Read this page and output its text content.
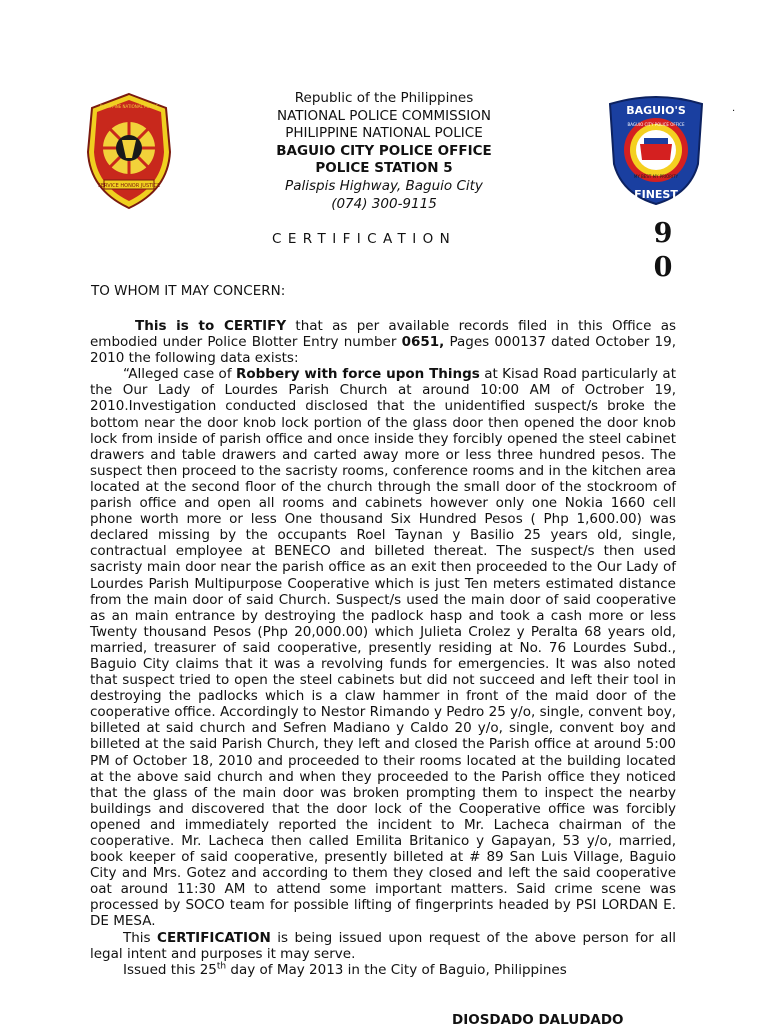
SERVICE HONOR JUSTICE
PHILIPPINE NATIONAL POLICE	BAGUIO'S
BAGUIO CITY POLICE OFFICE
MY BEST MY PRIORITY
FINEST
·
Republic of the Philippines
NATIONAL POLICE COMMISSION
PHILIPPINE NATIONAL POLICE
BAGUIO CITY POLICE OFFICE
POLICE STATION 5
Palispis Highway, Baguio City
(074) 300-9115
9
0
CERTIFICATION
TO WHOM IT MAY CONCERN:

This is to CERTIFY that as per available records filed in this Office as embodied under Police Blotter Entry number 0651, Pages 000137 dated October 19, 2010 the following data exists:

“Alleged case of Robbery with force upon Things at Kisad Road particularly at the Our Lady of Lourdes Parish Church at around 10:00 AM of Octrober 19, 2010.Investigation conducted disclosed that the unidentified suspect/s broke the bottom near the door knob lock portion of the glass door then opened the door knob lock from inside of parish office and once inside they forcibly opened the steel cabinet drawers and table drawers and carted away more or less three hundred pesos. The suspect then proceed to the sacristy rooms, conference rooms and in the kitchen area located at the second floor of the church through the small door of the stockroom of parish office and open all rooms and cabinets however only one Nokia 1660 cell phone worth more or less One thousand Six Hundred Pesos ( Php 1,600.00) was declared missing by the occupants Roel Taynan y Basilio 25 years old, single, contractual employee at BENECO and billeted thereat. The suspect/s then used sacristy main door near the parish office as an exit then proceeded to the Our Lady of Lourdes Parish Multipurpose Cooperative which is just Ten meters estimated distance from the main door of said Church. Suspect/s used the main door of said cooperative as an main entrance by destroying the padlock hasp and took a cash more or less Twenty thousand Pesos (Php 20,000.00) which Julieta Crolez y Peralta 68 years old, married, treasurer of said cooperative, presently residing at No. 76 Lourdes Subd., Baguio City claims that it was a revolving funds for emergencies. It was also noted that suspect tried to open the steel cabinets but did not succeed and left their tool in destroying the padlocks which is a claw hammer in front of the maid door of the cooperative office. Accordingly to Nestor Rimando y Pedro 25 y/o, single, convent boy, billeted at said church and Sefren Madiano y Caldo 20 y/o, single, convent boy and billeted at the said Parish Church, they left and closed the Parish office at around 5:00 PM of October 18, 2010 and proceeded to their rooms located at the building located at the above said church and when they proceeded to the Parish office they noticed that the glass of the main door was broken prompting them to inspect the nearby buildings and discovered that the door lock of the Cooperative office was forcibly opened and immediately reported the incident to Mr. Lacheca chairman of the cooperative. Mr. Lacheca then called Emilita Britanico y Gapayan, 53 y/o, married, book keeper of said cooperative, presently billeted at # 89 San Luis Village, Baguio City and Mrs. Gotez and according to them they closed and left the said cooperative oat around 11:30 AM to attend some important matters. Said crime scene was processed by SOCO team for possible lifting of fingerprints headed by PSI LORDAN E. DE MESA.

This CERTIFICATION is being issued upon request of the above person for all legal intent and purposes it may serve.

Issued this 25th day of May 2013 in the City of Baguio, Philippines

DIOSDADO DALUDADO
